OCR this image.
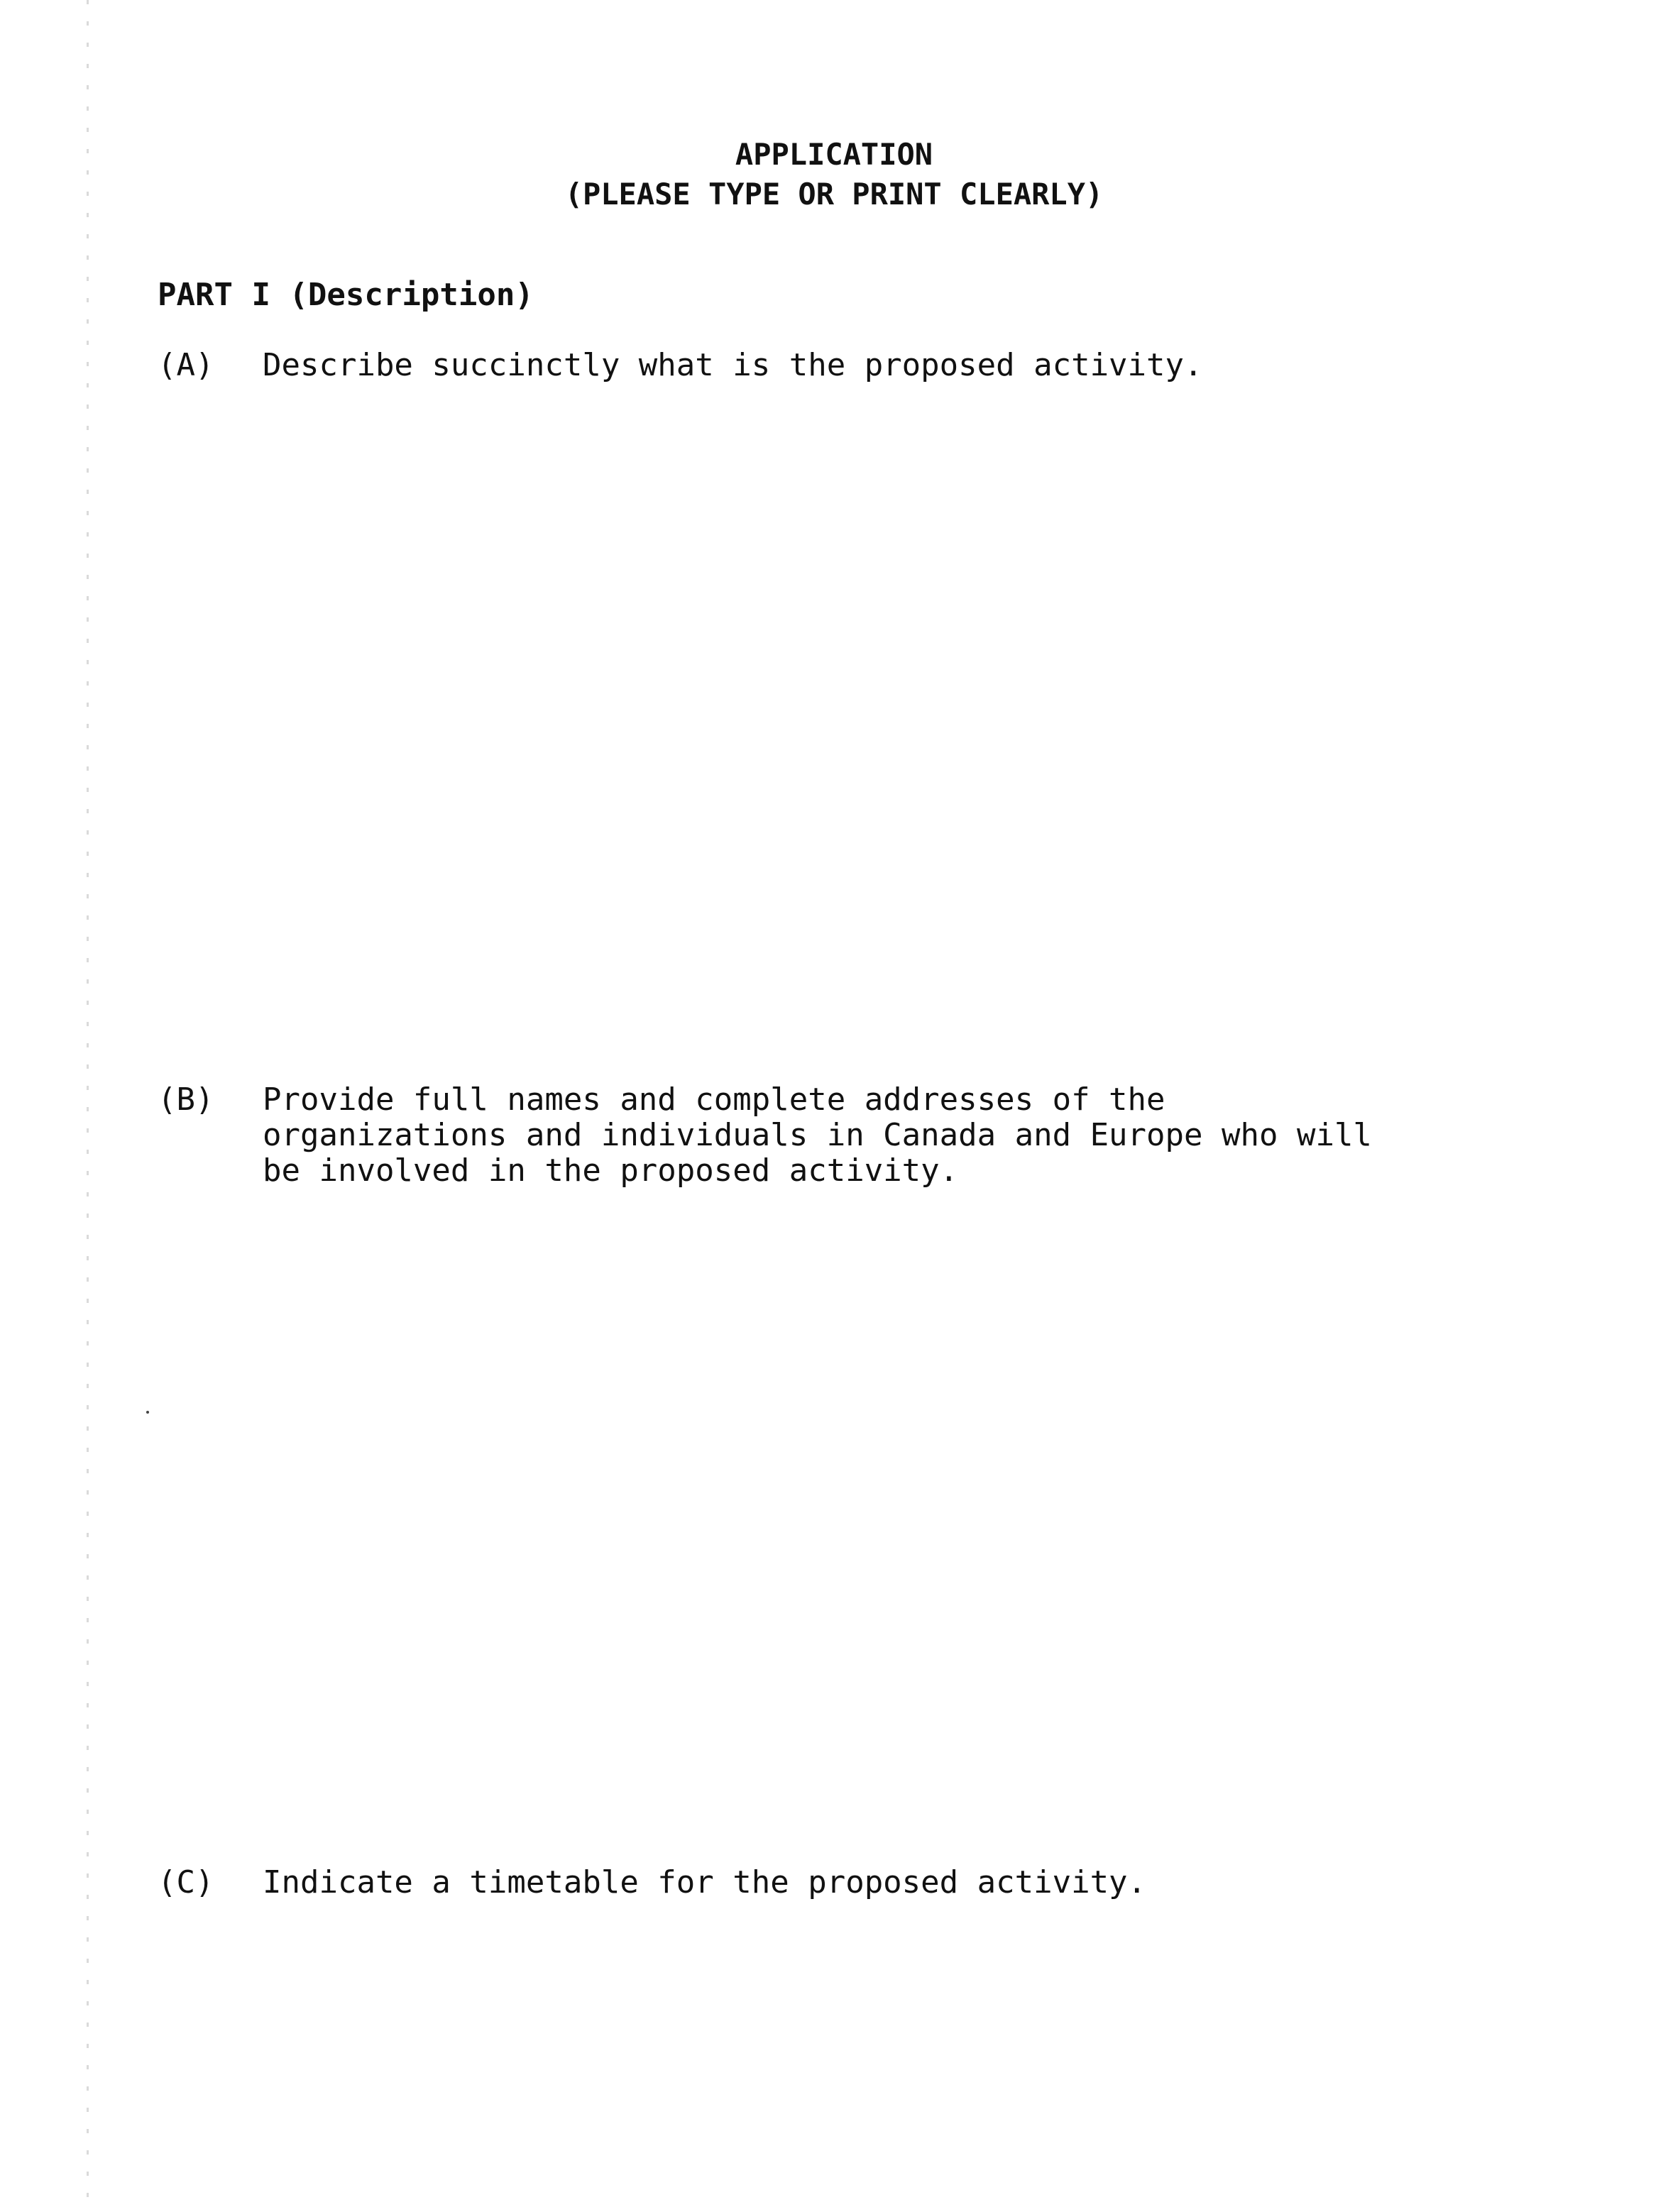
APPLICATION
(PLEASE TYPE OR PRINT CLEARLY)
PART I (Description)
(A)	Describe succinctly what is the proposed activity.
(B)	Provide full names and complete addresses of the
organizations and individuals in Canada and Europe who will
be involved in the proposed activity.
(C)	Indicate a timetable for the proposed activity.
